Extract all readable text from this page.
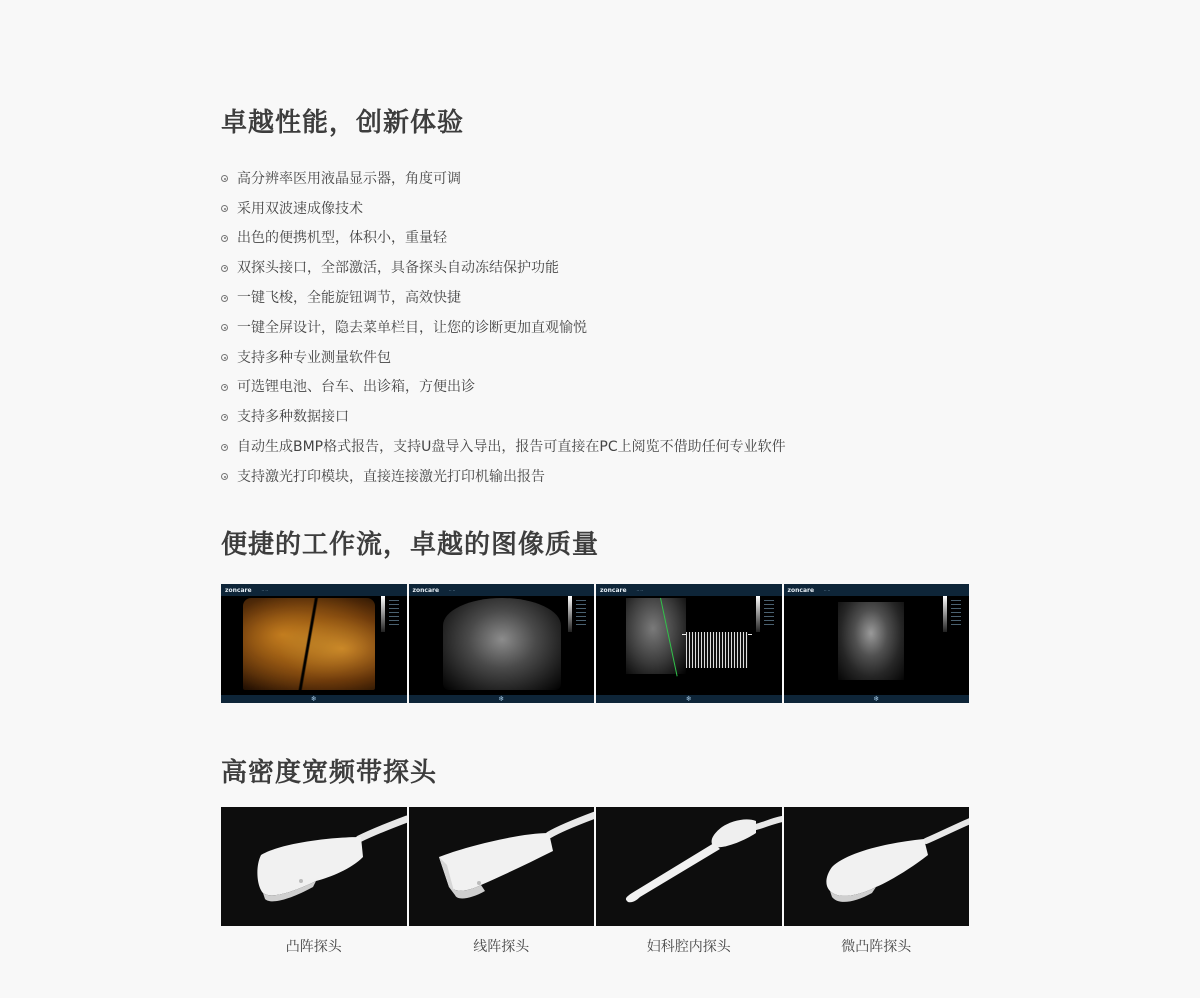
卓越性能，创新体验
高分辨率医用液晶显示器，角度可调
采用双波速成像技术
出色的便携机型，体积小，重量轻
双探头接口，全部激活，具备探头自动冻结保护功能
一键飞梭，全能旋钮调节，高效快捷
一键全屏设计，隐去菜单栏目，让您的诊断更加直观愉悦
支持多种专业测量软件包
可选锂电池、台车、出诊箱，方便出诊
支持多种数据接口
自动生成BMP格式报告，支持U盘导入导出，报告可直接在PC上阅览不借助任何专业软件
支持激光打印模块，直接连接激光打印机输出报告
便捷的工作流，卓越的图像质量
zoncare	·· ··
❄
zoncare	·· ··
❄
zoncare	·· ··
❄
zoncare	·· ··
❄
高密度宽频带探头
凸阵探头	线阵探头	妇科腔内探头	微凸阵探头
